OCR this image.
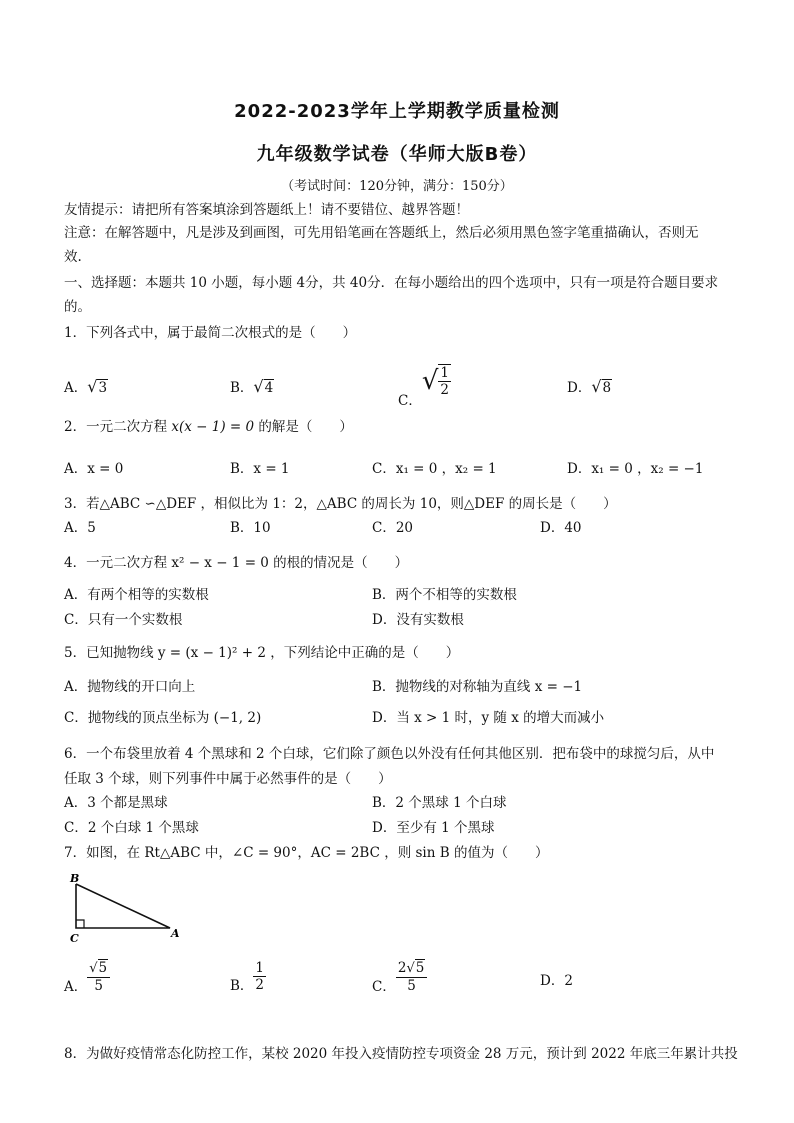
2022-2023学年上学期教学质量检测
九年级数学试卷（华师大版B卷）
（考试时间：120分钟，满分：150分）
友情提示：请把所有答案填涂到答题纸上！请不要错位、越界答题！
注意：在解答题中，凡是涉及到画图，可先用铅笔画在答题纸上，然后必须用黑色签字笔重描确认，否则无
效.
一、选择题：本题共 10 小题，每小题 4分，共 40分．在每小题给出的四个选项中，只有一项是符合题目要求
的。
1．下列各式中，属于最简二次根式的是（　　）
A．√3	B．√4
C．√ $\frac{1}{2}$	D．√8
2．一元二次方程 x(x − 1) = 0 的解是（　　）
A．x = 0	B．x = 1	C．x₁ = 0 ，x₂ = 1	D．x₁ = 0 ，x₂ = −1
3．若△ABC ∽△DEF ，相似比为 1：2，△ABC 的周长为 10，则△DEF 的周长是（　　）
A．5	B．10	C．20	D．40
4．一元二次方程 x² − x − 1 = 0 的根的情况是（　　）
A．有两个相等的实数根	B．两个不相等的实数根
C．只有一个实数根	D．没有实数根
5．已知抛物线 y = (x − 1)² + 2 ，下列结论中正确的是（　　）
A．抛物线的开口向上	B．抛物线的对称轴为直线 x = −1
C．抛物线的顶点坐标为 (−1, 2)	D．当 x > 1 时，y 随 x 的增大而减小
6．一个布袋里放着 4 个黑球和 2 个白球，它们除了颜色以外没有任何其他区别．把布袋中的球搅匀后，从中
任取 3 个球，则下列事件中属于必然事件的是（　　）
A．3 个都是黑球	B．2 个黑球 1 个白球
C．2 个白球 1 个黑球	D．至少有 1 个黑球
7．如图，在 Rt△ABC 中，∠C = 90°，AC = 2BC ，则 sin B 的值为（　　）
B
C	A
A． $\frac{√5}{5}$	B． $\frac{1}{2}$	C． $\frac{2√5}{5}$	D．2
8．为做好疫情常态化防控工作，某校 2020 年投入疫情防控专项资金 28 万元，预计到 2022 年底三年累计共投
